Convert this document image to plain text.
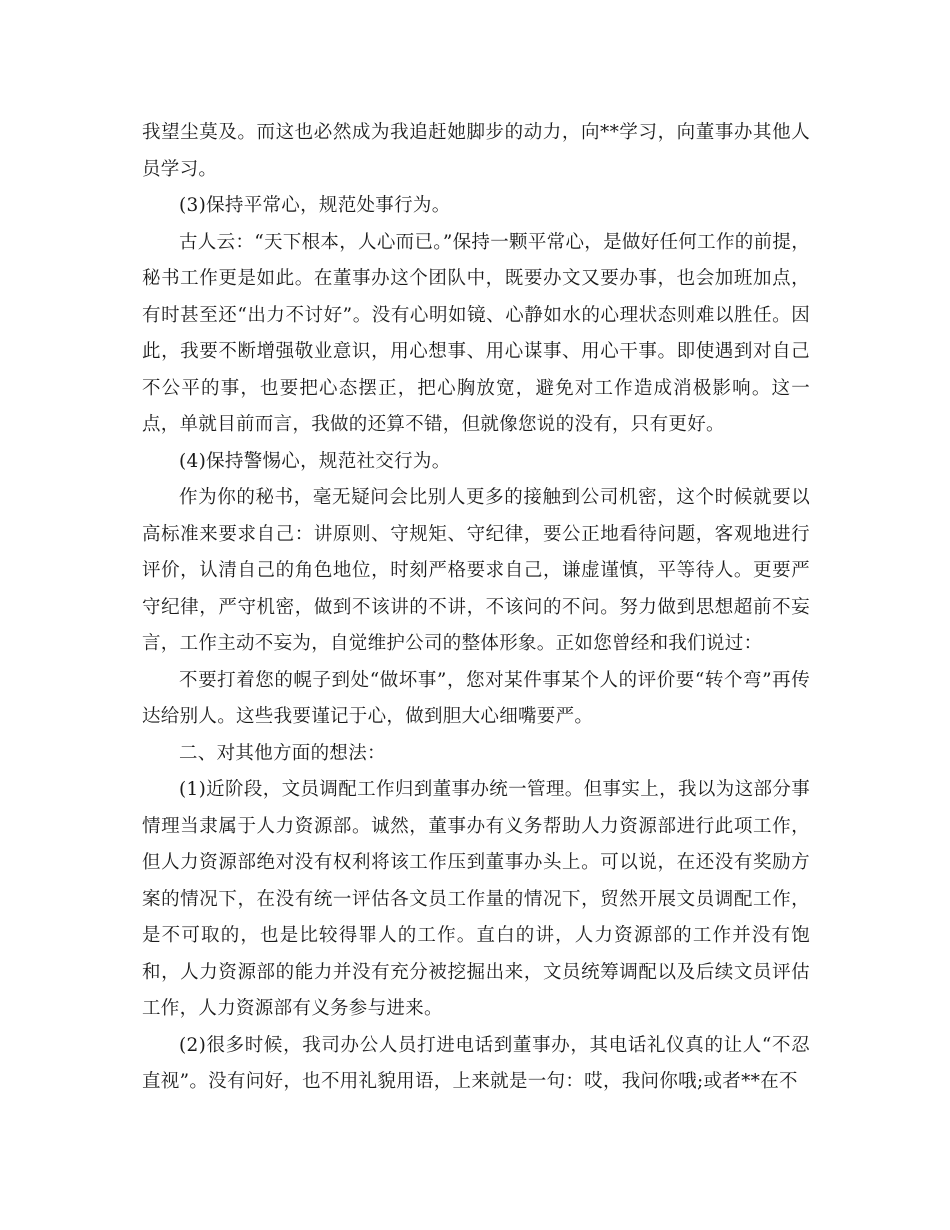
我望尘莫及。而这也必然成为我追赶她脚步的动力，向**学习，向董事办其他人员学习。

(3)保持平常心，规范处事行为。

古人云：“天下根本，人心而已。”保持一颗平常心，是做好任何工作的前提，秘书工作更是如此。在董事办这个团队中，既要办文又要办事，也会加班加点，有时甚至还“出力不讨好”。没有心明如镜、心静如水的心理状态则难以胜任。因此，我要不断增强敬业意识，用心想事、用心谋事、用心干事。即使遇到对自己不公平的事，也要把心态摆正，把心胸放宽，避免对工作造成消极影响。这一点，单就目前而言，我做的还算不错，但就像您说的没有，只有更好。

(4)保持警惕心，规范社交行为。

作为你的秘书，毫无疑问会比别人更多的接触到公司机密，这个时候就要以高标准来要求自己：讲原则、守规矩、守纪律，要公正地看待问题，客观地进行评价，认清自己的角色地位，时刻严格要求自己，谦虚谨慎，平等待人。更要严守纪律，严守机密，做到不该讲的不讲，不该问的不问。努力做到思想超前不妄言，工作主动不妄为，自觉维护公司的整体形象。正如您曾经和我们说过：

不要打着您的幌子到处“做坏事”，您对某件事某个人的评价要“转个弯”再传达给别人。这些我要谨记于心，做到胆大心细嘴要严。

二、对其他方面的想法：

(1)近阶段，文员调配工作归到董事办统一管理。但事实上，我以为这部分事情理当隶属于人力资源部。诚然，董事办有义务帮助人力资源部进行此项工作，但人力资源部绝对没有权利将该工作压到董事办头上。可以说，在还没有奖励方案的情况下，在没有统一评估各文员工作量的情况下，贸然开展文员调配工作，是不可取的，也是比较得罪人的工作。直白的讲，人力资源部的工作并没有饱和，人力资源部的能力并没有充分被挖掘出来，文员统筹调配以及后续文员评估工作，人力资源部有义务参与进来。

(2)很多时候，我司办公人员打进电话到董事办，其电话礼仪真的让人“不忍直视”。没有问好，也不用礼貌用语，上来就是一句：哎，我问你哦;或者**在不
